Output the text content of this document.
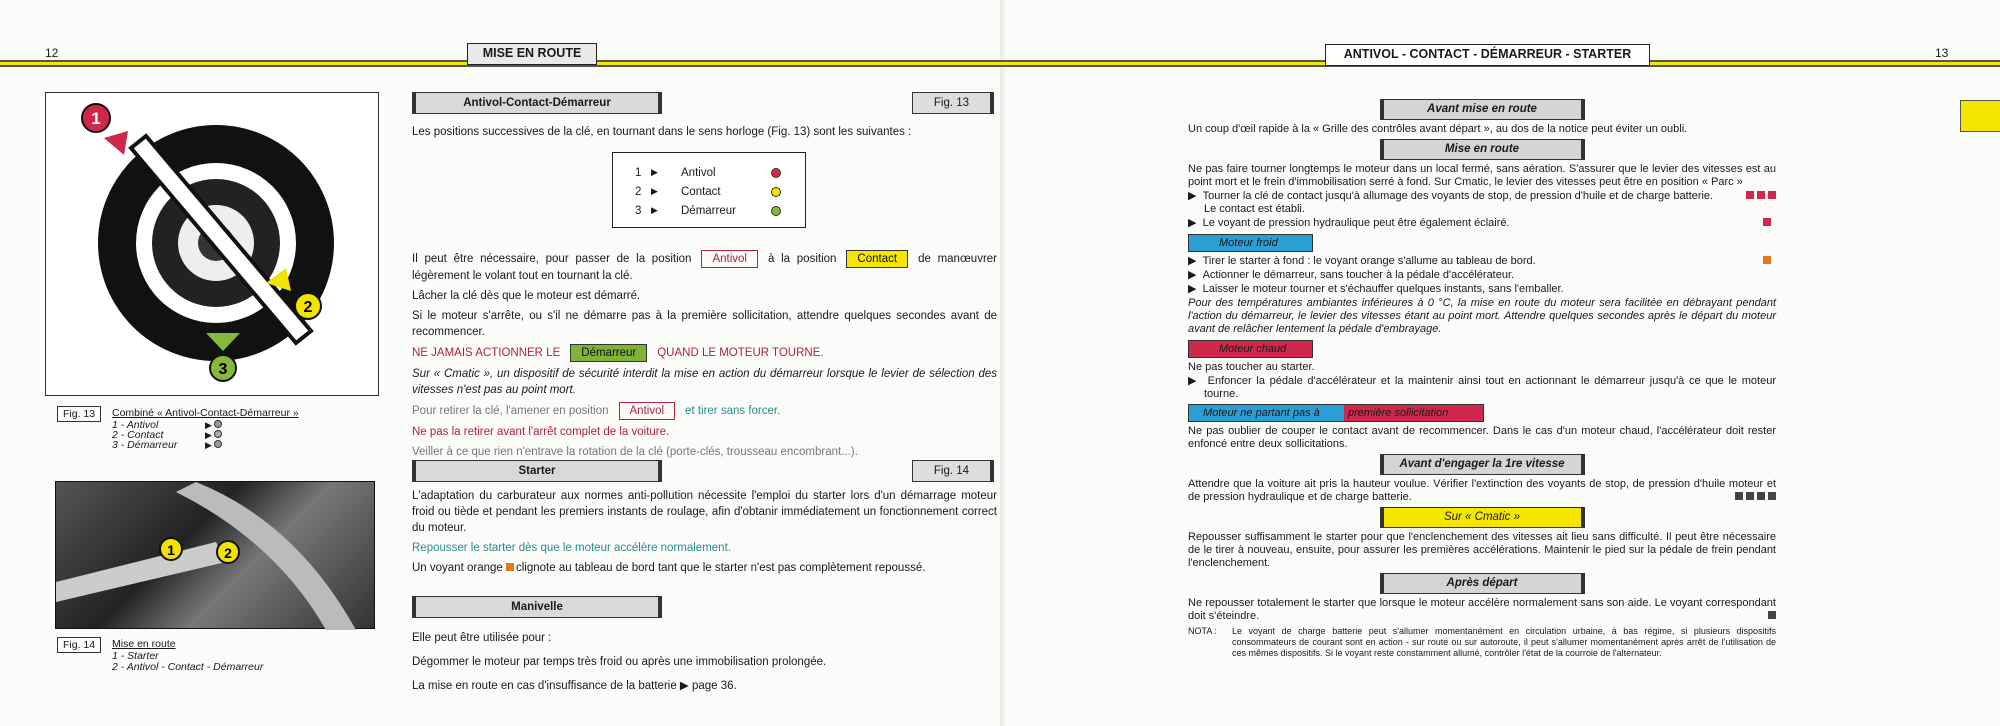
12	MISE EN ROUTE
1
2
3
Fig. 13 Combiné « Antivol-Contact-Démarreur »
1 - Antivol
2 - Contact
3 - Démarreur
▶
▶
▶
1	2
Fig. 14 Mise en route
1 - Starter
2 - Antivol - Contact - Démarreur
Antivol-Contact-Démarreur	Fig. 13
Les positions successives de la clé, en tournant dans le sens horloge (Fig. 13) sont les suivantes :
1	▶	Antivol
2	▶	Contact
3	▶	Démarreur

Il peut être nécessaire, pour passer de la position Antivol à la position Contact de manœuvrer légèrement le volant tout en tournant la clé.

Lâcher la clé dès que le moteur est démarré.

Si le moteur s'arrête, ou s'il ne démarre pas à la première sollicitation, attendre quelques secondes avant de recommencer.

NE JAMAIS ACTIONNER LE Démarreur QUAND LE MOTEUR TOURNE.

Sur « Cmatic », un dispositif de sécurité interdit la mise en action du démarreur lorsque le levier de sélection des vitesses n'est pas au point mort.

Pour retirer la clé, l'amener en position Antivol et tirer sans forcer.

Ne pas la retirer avant l'arrêt complet de la voiture.

Veiller à ce que rien n'entrave la rotation de la clé (porte-clés, trousseau encombrant...).

Starter	Fig. 14

L'adaptation du carburateur aux normes anti-pollution nécessite l'emploi du starter lors d'un démarrage moteur froid ou tiède et pendant les premiers instants de roulage, afin d'obtanir immédiatement un fonctionnement correct du moteur.

Repousser le starter dès que le moteur accélère normalement.

Un voyant orange clignote au tableau de bord tant que le starter n'est pas complètement repoussé.

Manivelle

Elle peut être utilisée pour :

Dégommer le moteur par temps très froid ou après une immobilisation prolongée.

La mise en route en cas d'insuffisance de la batterie ▶ page 36.

ANTIVOL - CONTACT - DÉMARREUR - STARTER	13
Avant mise en route

Un coup d'œil rapide à la « Grille des contrôles avant départ », au dos de la notice peut éviter un oubli.

Mise en route

Ne pas faire tourner longtemps le moteur dans un local fermé, sans aération. S'assurer que le levier des vitesses est au point mort et le frein d'immobilisation serré à fond. Sur Cmatic, le levier des vitesses peut être en position « Parc »

▶  Tourner la clé de contact jusqu'à allumage des voyants de stop, de pression d'huile et de charge batterie.

Le contact est établi.

▶  Le voyant de pression hydraulique peut être également éclairé.

Moteur froid

▶  Tirer le starter à fond : le voyant orange s'allume au tableau de bord.

▶  Actionner le démarreur, sans toucher à la pédale d'accélérateur.

▶  Laisser le moteur tourner et s'échauffer quelques instants, sans l'emballer.

Pour des températures ambiantes inférieures à 0 °C, la mise en route du moteur sera facilitée en débrayant pendant l'action du démarreur, le levier des vitesses étant au point mort. Attendre quelques secondes après le départ du moteur avant de relâcher lentement la pédale d'embrayage.

Moteur chaud

Ne pas toucher au starter.

▶  Enfoncer la pédale d'accélérateur et la maintenir ainsi tout en actionnant le démarreur jusqu'à ce que le moteur tourne.

Moteur ne partant pas à	première sollicitation

Ne pas oublier de couper le contact avant de recommencer. Dans le cas d'un moteur chaud, l'accélérateur doit rester enfoncé entre deux sollicitations.

Avant d'engager la 1re vitesse

Attendre que la voiture ait pris la hauteur voulue. Vérifier l'extinction des voyants de stop, de pression d'huile moteur et de pression hydraulique et de charge batterie.

Sur « Cmatic »

Repousser suffisamment le starter pour que l'enclenchement des vitesses ait lieu sans difficulté. Il peut être nécessaire de le tirer à nouveau, ensuite, pour assurer les premières accélérations. Maintenir le pied sur la pédale de frein pendant l'enclenchement.

Après départ

Ne repousser totalement le starter que lorsque le moteur accélère normalement sans son aide. Le voyant correspondant doit s'éteindre.

NOTA :	Le voyant de charge batterie peut s'allumer momentanément en circulation urbaine, à bas régime, si plusieurs dispositifs consommateurs de courant sont en action - sur route ou sur autoroute, il peut s'allumer momentanément après arrêt de l'utilisation de ces mêmes dispositifs. Si le voyant reste constamment allumé, contrôler l'état de la courroie de l'alternateur.
